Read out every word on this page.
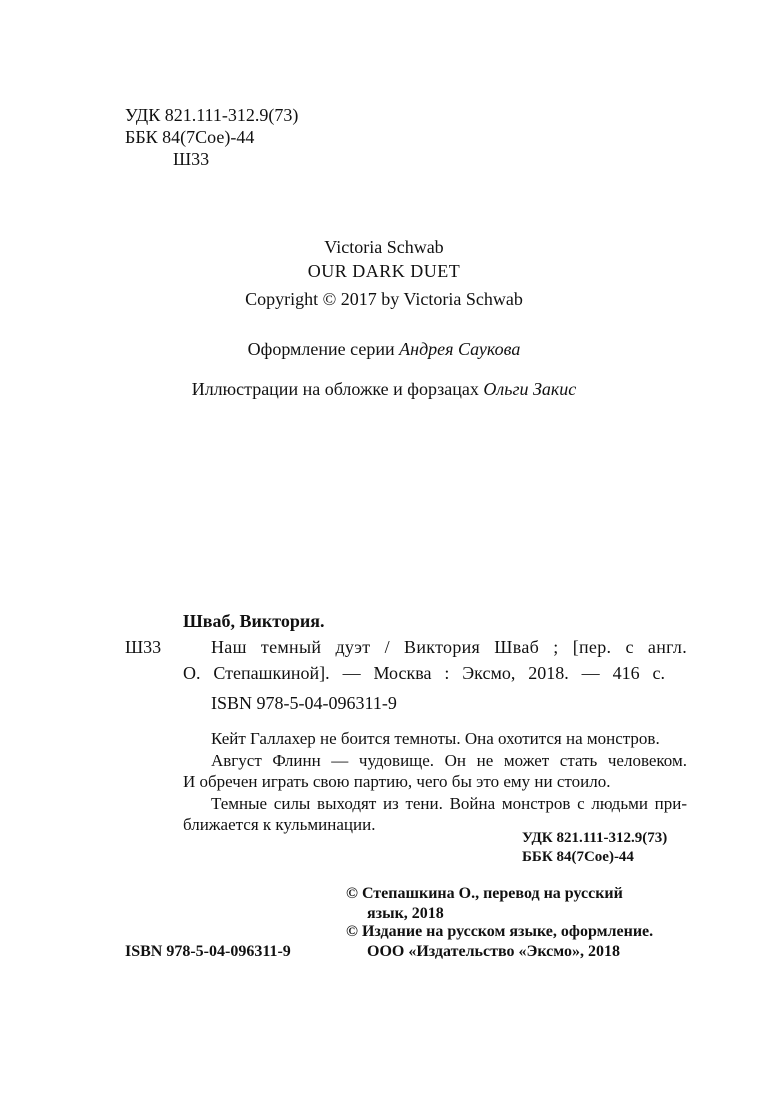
УДК 821.111-312.9(73)
ББК 84(7Сое)-44
Ш33
Victoria Schwab
OUR DARK DUET
Copyright © 2017 by Victoria Schwab
Оформление серии Андрея Саукова
Иллюстрации на обложке и форзацах Ольги Закис
Шваб, Виктория.
Ш33	Наш темный дуэт / Виктория Шваб ; [пер. с англ.
О. Степашкиной]. — Москва : Эксмо, 2018. — 416 с.
ISBN 978-5-04-096311-9
Кейт Галлахер не боится темноты. Она охотится на монстров.
Август Флинн — чудовище. Он не может стать человеком.
И обречен играть свою партию, чего бы это ему ни стоило.
Темные силы выходят из тени. Война монстров с людьми при-
ближается к кульминации.
УДК 821.111-312.9(73)
ББК 84(7Сое)-44
ISBN 978-5-04-096311-9
© Степашкина О., перевод на русский
язык, 2018
© Издание на русском языке, оформление.
ООО «Издательство «Эксмо», 2018
